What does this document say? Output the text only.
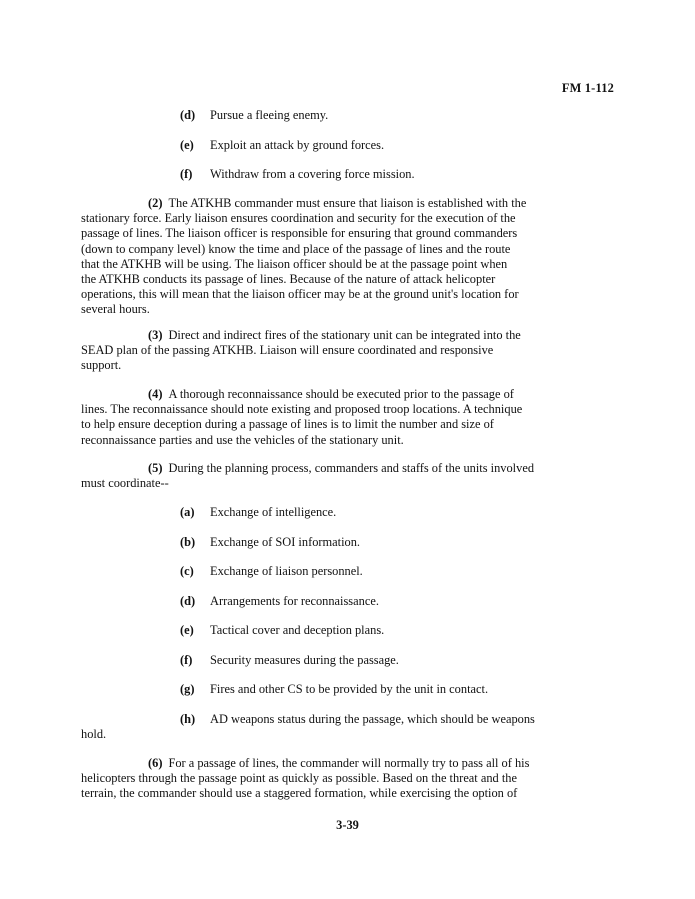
FM 1-112
(d) Pursue a fleeing enemy.
(e) Exploit an attack by ground forces.
(f) Withdraw from a covering force mission.
(2) The ATKHB commander must ensure that liaison is established with the
stationary force. Early liaison ensures coordination and security for the execution of the
passage of lines. The liaison officer is responsible for ensuring that ground commanders
(down to company level) know the time and place of the passage of lines and the route
that the ATKHB will be using. The liaison officer should be at the passage point when
the ATKHB conducts its passage of lines. Because of the nature of attack helicopter
operations, this will mean that the liaison officer may be at the ground unit's location for
several hours.
(3) Direct and indirect fires of the stationary unit can be integrated into the
SEAD plan of the passing ATKHB. Liaison will ensure coordinated and responsive
support.
(4) A thorough reconnaissance should be executed prior to the passage of
lines. The reconnaissance should note existing and proposed troop locations. A technique
to help ensure deception during a passage of lines is to limit the number and size of
reconnaissance parties and use the vehicles of the stationary unit.
(5) During the planning process, commanders and staffs of the units involved
must coordinate--
(a) Exchange of intelligence.
(b) Exchange of SOI information.
(c) Exchange of liaison personnel.
(d) Arrangements for reconnaissance.
(e) Tactical cover and deception plans.
(f) Security measures during the passage.
(g) Fires and other CS to be provided by the unit in contact.
(h) AD weapons status during the passage, which should be weapons
hold.
(6) For a passage of lines, the commander will normally try to pass all of his
helicopters through the passage point as quickly as possible. Based on the threat and the
terrain, the commander should use a staggered formation, while exercising the option of
3-39
